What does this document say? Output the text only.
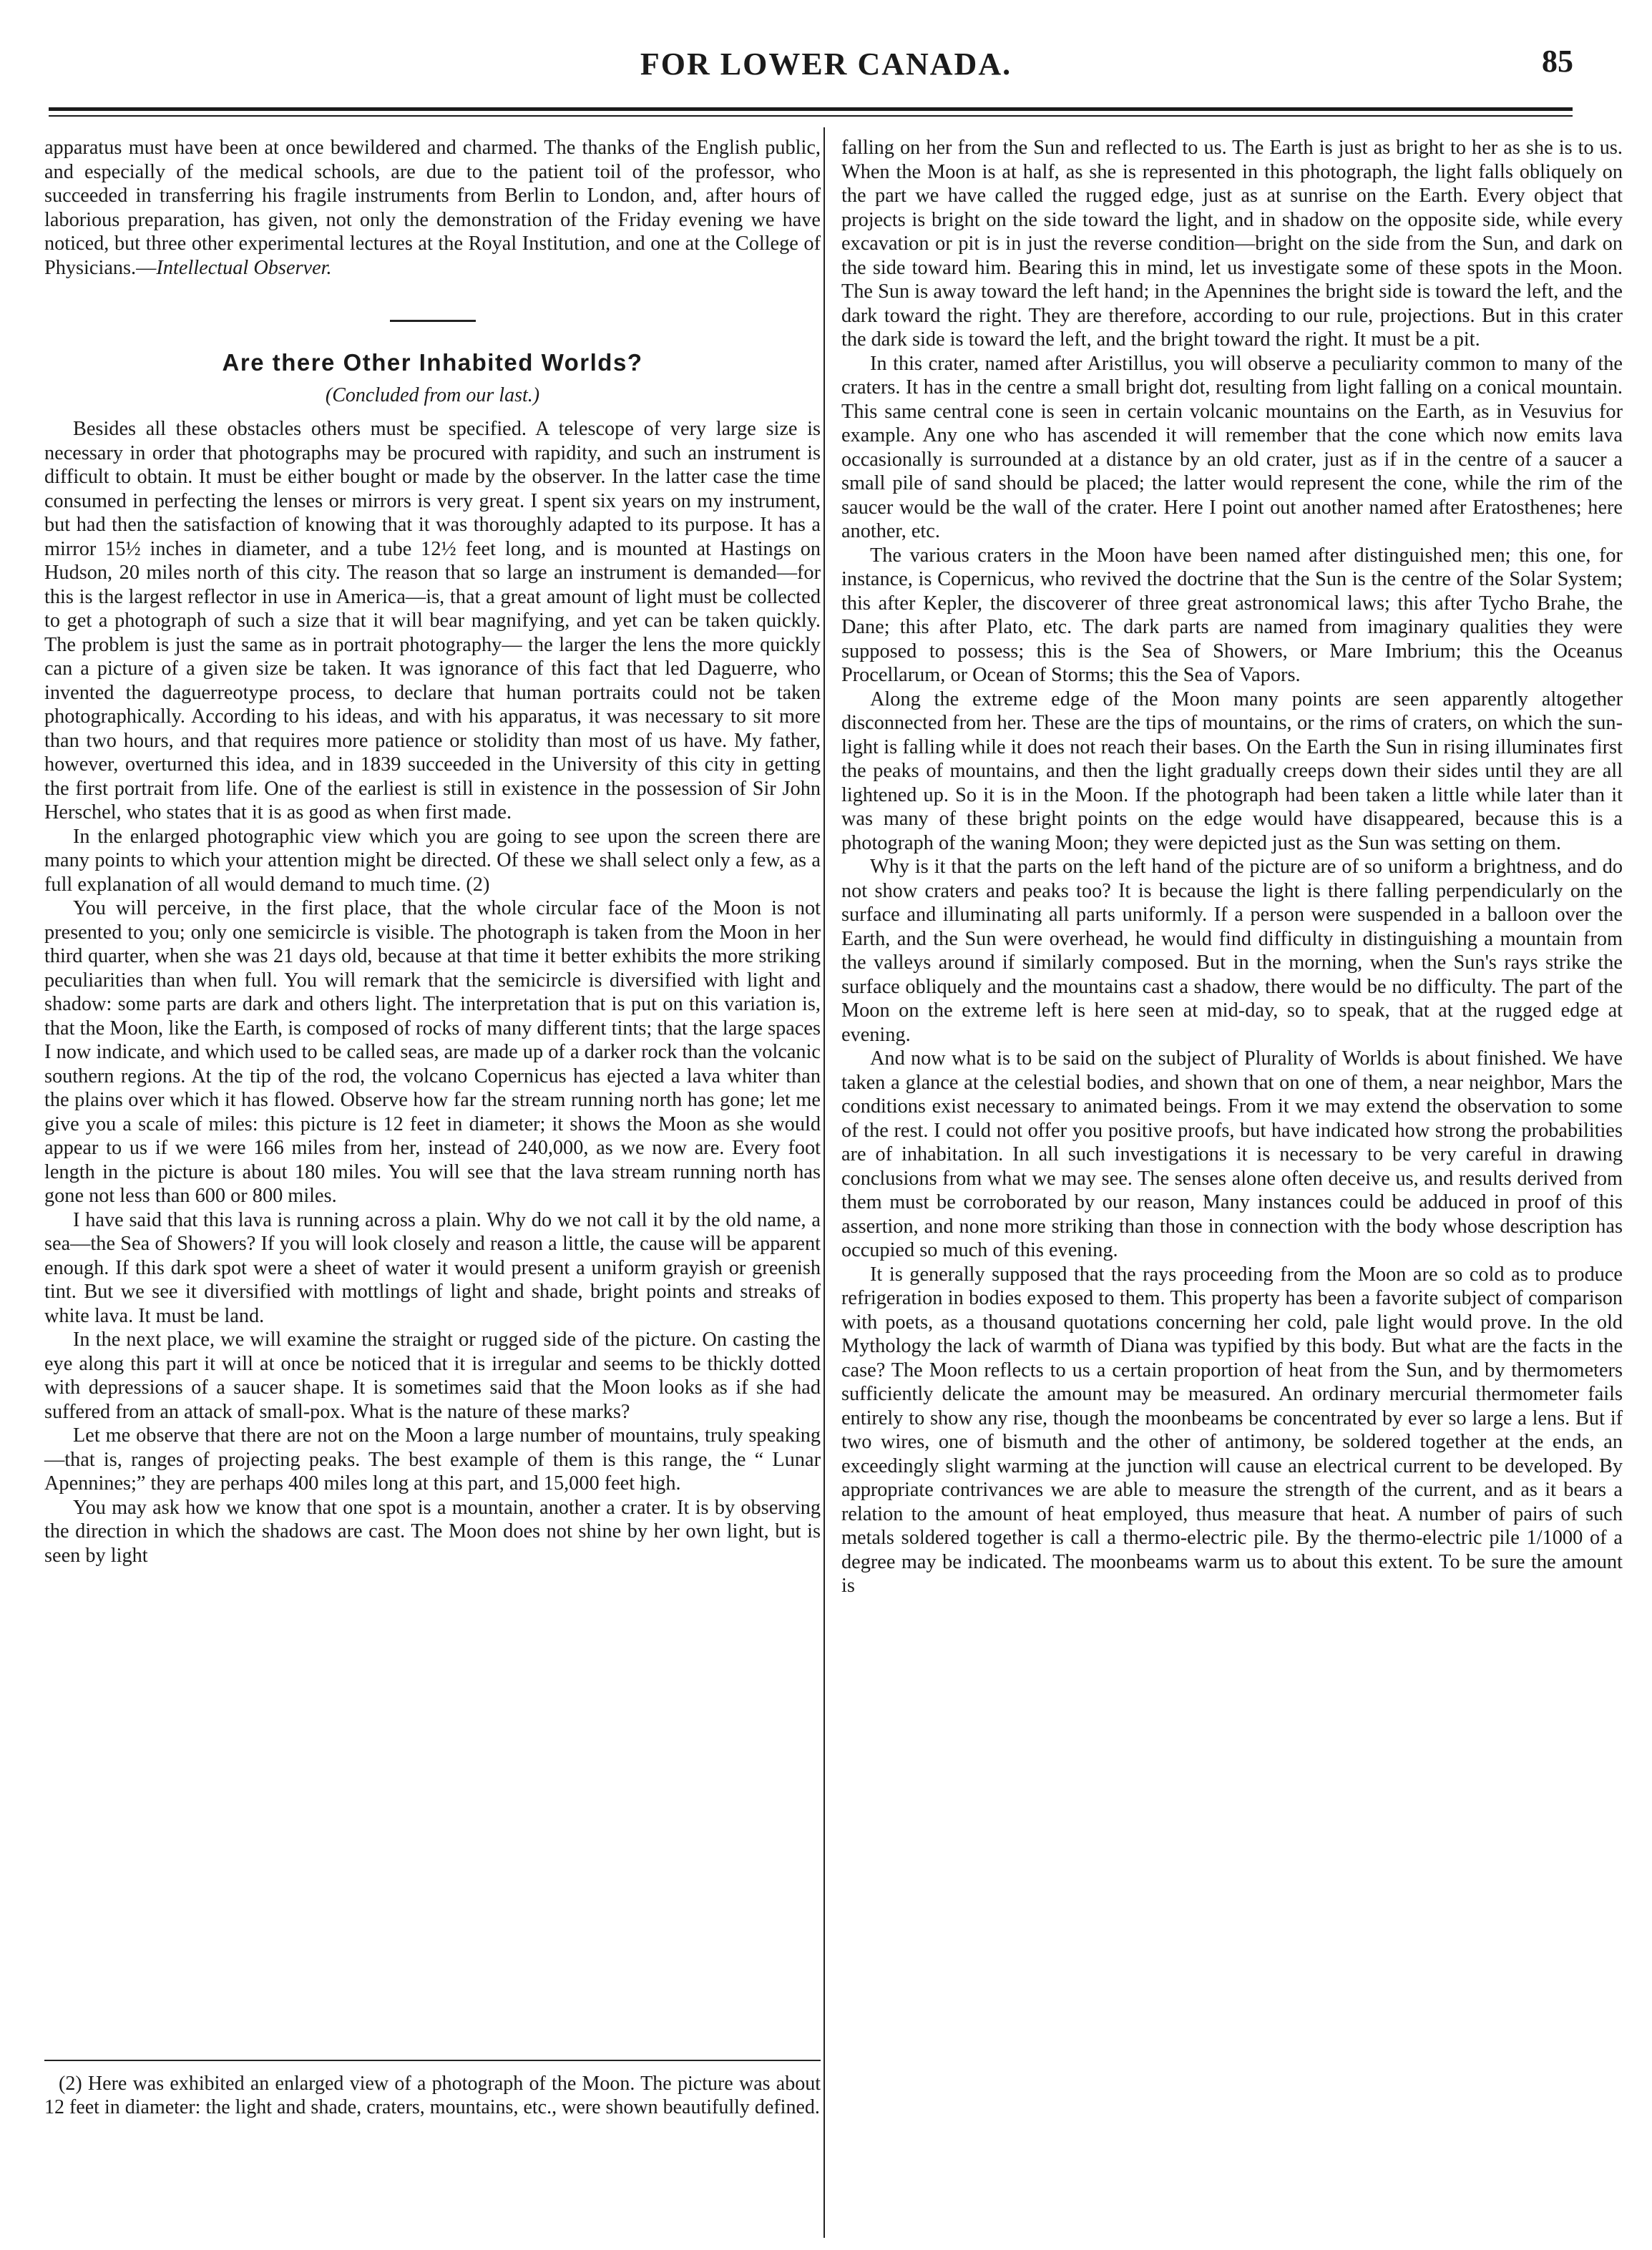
FOR LOWER CANADA.	85

apparatus must have been at once bewildered and charmed. The thanks of the English public, and especially of the medical schools, are due to the patient toil of the professor, who succeeded in transferring his fragile instruments from Berlin to London, and, after hours of laborious preparation, has given, not only the demonstration of the Friday evening we have noticed, but three other experimental lectures at the Royal Institution, and one at the College of Physicians.—Intellectual Observer.

Are there Other Inhabited Worlds?
(Concluded from our last.)

Besides all these obstacles others must be specified. A telescope of very large size is necessary in order that photographs may be procured with rapidity, and such an instrument is difficult to obtain. It must be either bought or made by the observer. In the latter case the time consumed in perfecting the lenses or mirrors is very great. I spent six years on my instrument, but had then the satisfaction of knowing that it was thoroughly adapted to its purpose. It has a mirror 15½ inches in diameter, and a tube 12½ feet long, and is mounted at Hastings on Hudson, 20 miles north of this city. The reason that so large an instrument is demanded—for this is the largest reflector in use in America—is, that a great amount of light must be collected to get a photograph of such a size that it will bear magnifying, and yet can be taken quickly. The problem is just the same as in portrait photography— the larger the lens the more quickly can a picture of a given size be taken. It was ignorance of this fact that led Daguerre, who invented the daguerreotype process, to declare that human portraits could not be taken photographically. According to his ideas, and with his apparatus, it was necessary to sit more than two hours, and that requires more patience or stolidity than most of us have. My father, however, overturned this idea, and in 1839 succeeded in the University of this city in getting the first portrait from life. One of the earliest is still in existence in the possession of Sir John Herschel, who states that it is as good as when first made.

In the enlarged photographic view which you are going to see upon the screen there are many points to which your attention might be directed. Of these we shall select only a few, as a full explanation of all would demand to much time. (2)

You will perceive, in the first place, that the whole circular face of the Moon is not presented to you; only one semicircle is visible. The photograph is taken from the Moon in her third quarter, when she was 21 days old, because at that time it better exhibits the more striking peculiarities than when full. You will remark that the semicircle is diversified with light and shadow: some parts are dark and others light. The interpretation that is put on this variation is, that the Moon, like the Earth, is composed of rocks of many different tints; that the large spaces I now indicate, and which used to be called seas, are made up of a darker rock than the volcanic southern regions. At the tip of the rod, the volcano Copernicus has ejected a lava whiter than the plains over which it has flowed. Observe how far the stream running north has gone; let me give you a scale of miles: this picture is 12 feet in diameter; it shows the Moon as she would appear to us if we were 166 miles from her, instead of 240,000, as we now are. Every foot length in the picture is about 180 miles. You will see that the lava stream running north has gone not less than 600 or 800 miles.

I have said that this lava is running across a plain. Why do we not call it by the old name, a sea—the Sea of Showers? If you will look closely and reason a little, the cause will be apparent enough. If this dark spot were a sheet of water it would present a uniform grayish or greenish tint. But we see it diversified with mottlings of light and shade, bright points and streaks of white lava. It must be land.

In the next place, we will examine the straight or rugged side of the picture. On casting the eye along this part it will at once be noticed that it is irregular and seems to be thickly dotted with depressions of a saucer shape. It is sometimes said that the Moon looks as if she had suffered from an attack of small-pox. What is the nature of these marks?

Let me observe that there are not on the Moon a large number of mountains, truly speaking—that is, ranges of projecting peaks. The best example of them is this range, the “ Lunar Apennines;” they are perhaps 400 miles long at this part, and 15,000 feet high.

You may ask how we know that one spot is a mountain, another a crater. It is by observing the direction in which the shadows are cast. The Moon does not shine by her own light, but is seen by light

(2) Here was exhibited an enlarged view of a photograph of the Moon. The picture was about 12 feet in diameter: the light and shade, craters, mountains, etc., were shown beautifully defined.

falling on her from the Sun and reflected to us. The Earth is just as bright to her as she is to us. When the Moon is at half, as she is represented in this photograph, the light falls obliquely on the part we have called the rugged edge, just as at sunrise on the Earth. Every object that projects is bright on the side toward the light, and in shadow on the opposite side, while every excavation or pit is in just the reverse condition—bright on the side from the Sun, and dark on the side toward him. Bearing this in mind, let us investigate some of these spots in the Moon. The Sun is away toward the left hand; in the Apennines the bright side is toward the left, and the dark toward the right. They are therefore, according to our rule, projections. But in this crater the dark side is toward the left, and the bright toward the right. It must be a pit.

In this crater, named after Aristillus, you will observe a peculiarity common to many of the craters. It has in the centre a small bright dot, resulting from light falling on a conical mountain. This same central cone is seen in certain volcanic mountains on the Earth, as in Vesuvius for example. Any one who has ascended it will remember that the cone which now emits lava occasionally is surrounded at a distance by an old crater, just as if in the centre of a saucer a small pile of sand should be placed; the latter would represent the cone, while the rim of the saucer would be the wall of the crater. Here I point out another named after Eratosthenes; here another, etc.

The various craters in the Moon have been named after distinguished men; this one, for instance, is Copernicus, who revived the doctrine that the Sun is the centre of the Solar System; this after Kepler, the discoverer of three great astronomical laws; this after Tycho Brahe, the Dane; this after Plato, etc. The dark parts are named from imaginary qualities they were supposed to possess; this is the Sea of Showers, or Mare Imbrium; this the Oceanus Procellarum, or Ocean of Storms; this the Sea of Vapors.

Along the extreme edge of the Moon many points are seen apparently altogether disconnected from her. These are the tips of mountains, or the rims of craters, on which the sun-light is falling while it does not reach their bases. On the Earth the Sun in rising illuminates first the peaks of mountains, and then the light gradually creeps down their sides until they are all lightened up. So it is in the Moon. If the photograph had been taken a little while later than it was many of these bright points on the edge would have disappeared, because this is a photograph of the waning Moon; they were depicted just as the Sun was setting on them.

Why is it that the parts on the left hand of the picture are of so uniform a brightness, and do not show craters and peaks too? It is because the light is there falling perpendicularly on the surface and illuminating all parts uniformly. If a person were suspended in a balloon over the Earth, and the Sun were overhead, he would find difficulty in distinguishing a mountain from the valleys around if similarly composed. But in the morning, when the Sun's rays strike the surface obliquely and the mountains cast a shadow, there would be no difficulty. The part of the Moon on the extreme left is here seen at mid-day, so to speak, that at the rugged edge at evening.

And now what is to be said on the subject of Plurality of Worlds is about finished. We have taken a glance at the celestial bodies, and shown that on one of them, a near neighbor, Mars the conditions exist necessary to animated beings. From it we may extend the observation to some of the rest. I could not offer you positive proofs, but have indicated how strong the probabilities are of inhabitation. In all such investigations it is necessary to be very careful in drawing conclusions from what we may see. The senses alone often deceive us, and results derived from them must be corroborated by our reason, Many instances could be adduced in proof of this assertion, and none more striking than those in connection with the body whose description has occupied so much of this evening.

It is generally supposed that the rays proceeding from the Moon are so cold as to produce refrigeration in bodies exposed to them. This property has been a favorite subject of comparison with poets, as a thousand quotations concerning her cold, pale light would prove. In the old Mythology the lack of warmth of Diana was typified by this body. But what are the facts in the case? The Moon reflects to us a certain proportion of heat from the Sun, and by thermometers sufficiently delicate the amount may be measured. An ordinary mercurial thermometer fails entirely to show any rise, though the moonbeams be concentrated by ever so large a lens. But if two wires, one of bismuth and the other of antimony, be soldered together at the ends, an exceedingly slight warming at the junction will cause an electrical current to be developed. By appropriate contrivances we are able to measure the strength of the current, and as it bears a relation to the amount of heat employed, thus measure that heat. A number of pairs of such metals soldered together is call a thermo-electric pile. By the thermo-electric pile 1/1000 of a degree may be indicated. The moonbeams warm us to about this extent. To be sure the amount is
